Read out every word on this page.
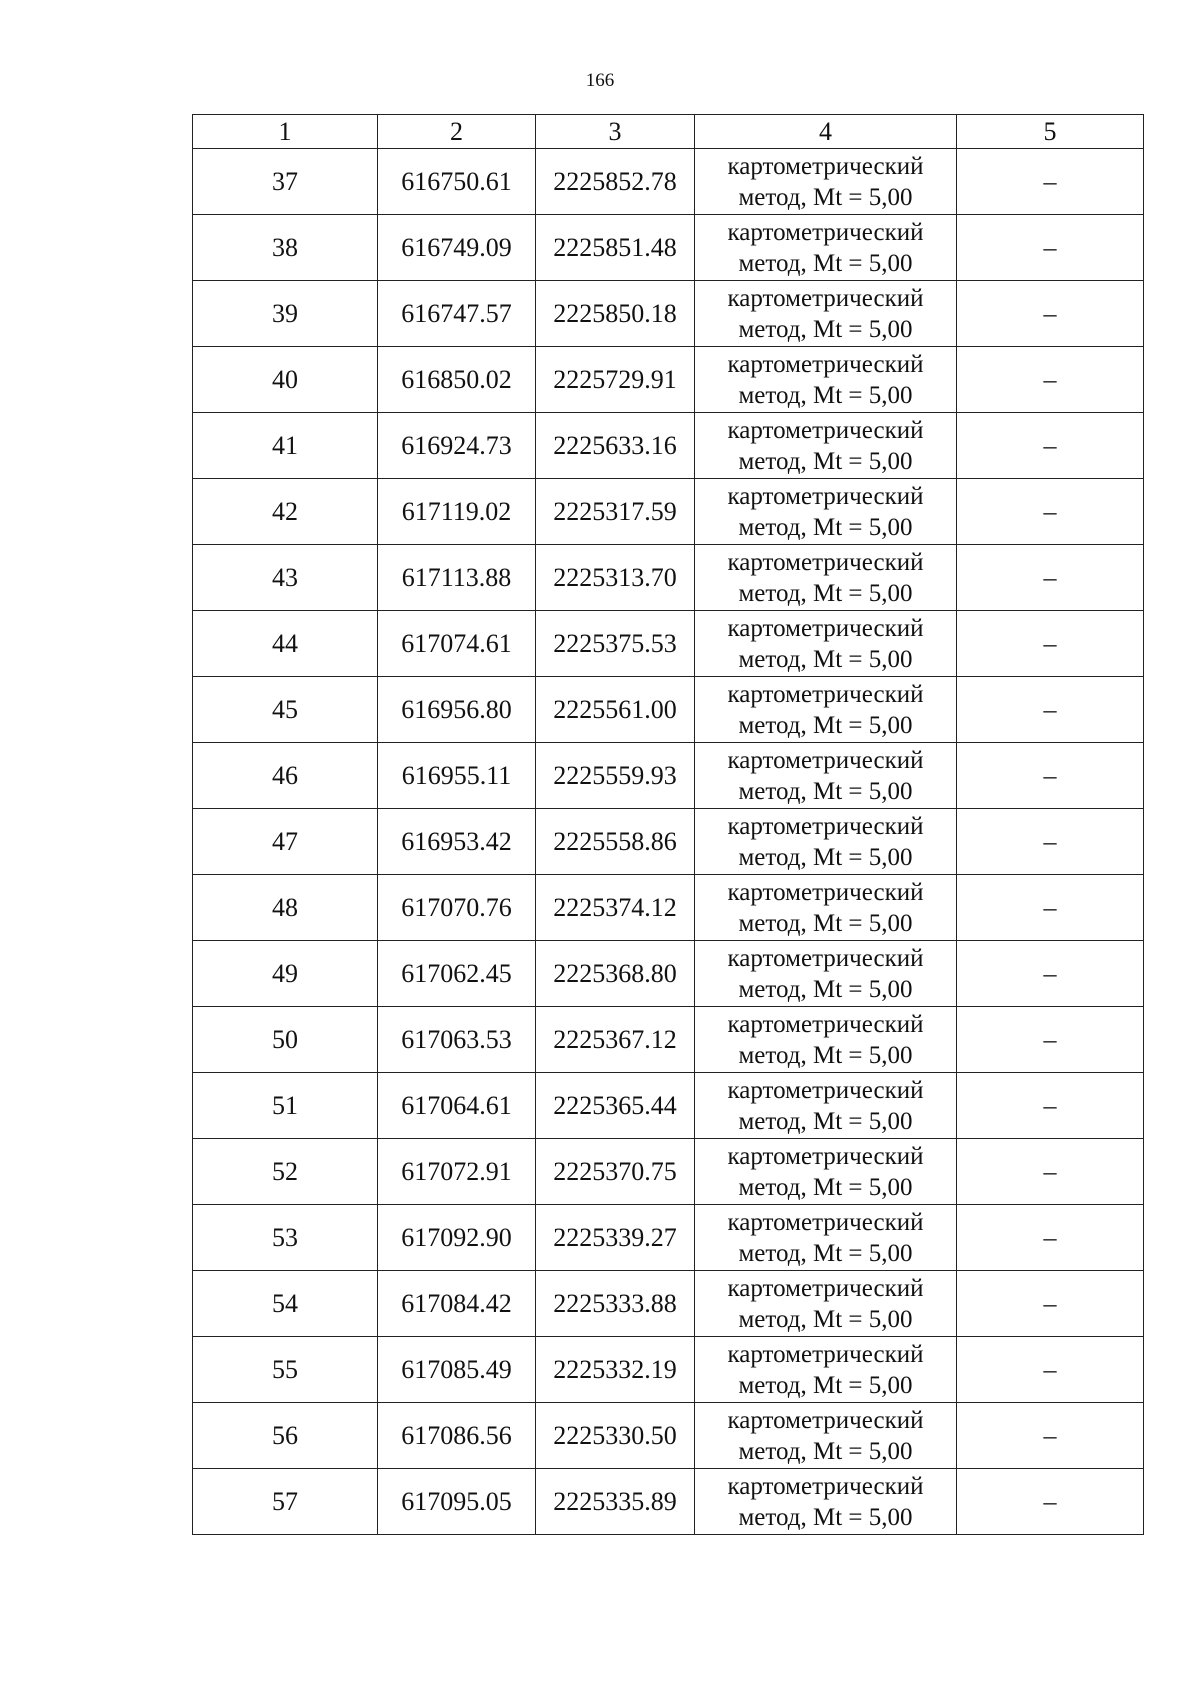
166
1	2	3	4	5
37	616750.61	2225852.78	картометрический
метод, Mt = 5,00	–
38	616749.09	2225851.48	картометрический
метод, Mt = 5,00	–
39	616747.57	2225850.18	картометрический
метод, Mt = 5,00	–
40	616850.02	2225729.91	картометрический
метод, Mt = 5,00	–
41	616924.73	2225633.16	картометрический
метод, Mt = 5,00	–
42	617119.02	2225317.59	картометрический
метод, Mt = 5,00	–
43	617113.88	2225313.70	картометрический
метод, Mt = 5,00	–
44	617074.61	2225375.53	картометрический
метод, Mt = 5,00	–
45	616956.80	2225561.00	картометрический
метод, Mt = 5,00	–
46	616955.11	2225559.93	картометрический
метод, Mt = 5,00	–
47	616953.42	2225558.86	картометрический
метод, Mt = 5,00	–
48	617070.76	2225374.12	картометрический
метод, Mt = 5,00	–
49	617062.45	2225368.80	картометрический
метод, Mt = 5,00	–
50	617063.53	2225367.12	картометрический
метод, Mt = 5,00	–
51	617064.61	2225365.44	картометрический
метод, Mt = 5,00	–
52	617072.91	2225370.75	картометрический
метод, Mt = 5,00	–
53	617092.90	2225339.27	картометрический
метод, Mt = 5,00	–
54	617084.42	2225333.88	картометрический
метод, Mt = 5,00	–
55	617085.49	2225332.19	картометрический
метод, Mt = 5,00	–
56	617086.56	2225330.50	картометрический
метод, Mt = 5,00	–
57	617095.05	2225335.89	картометрический
метод, Mt = 5,00	–
